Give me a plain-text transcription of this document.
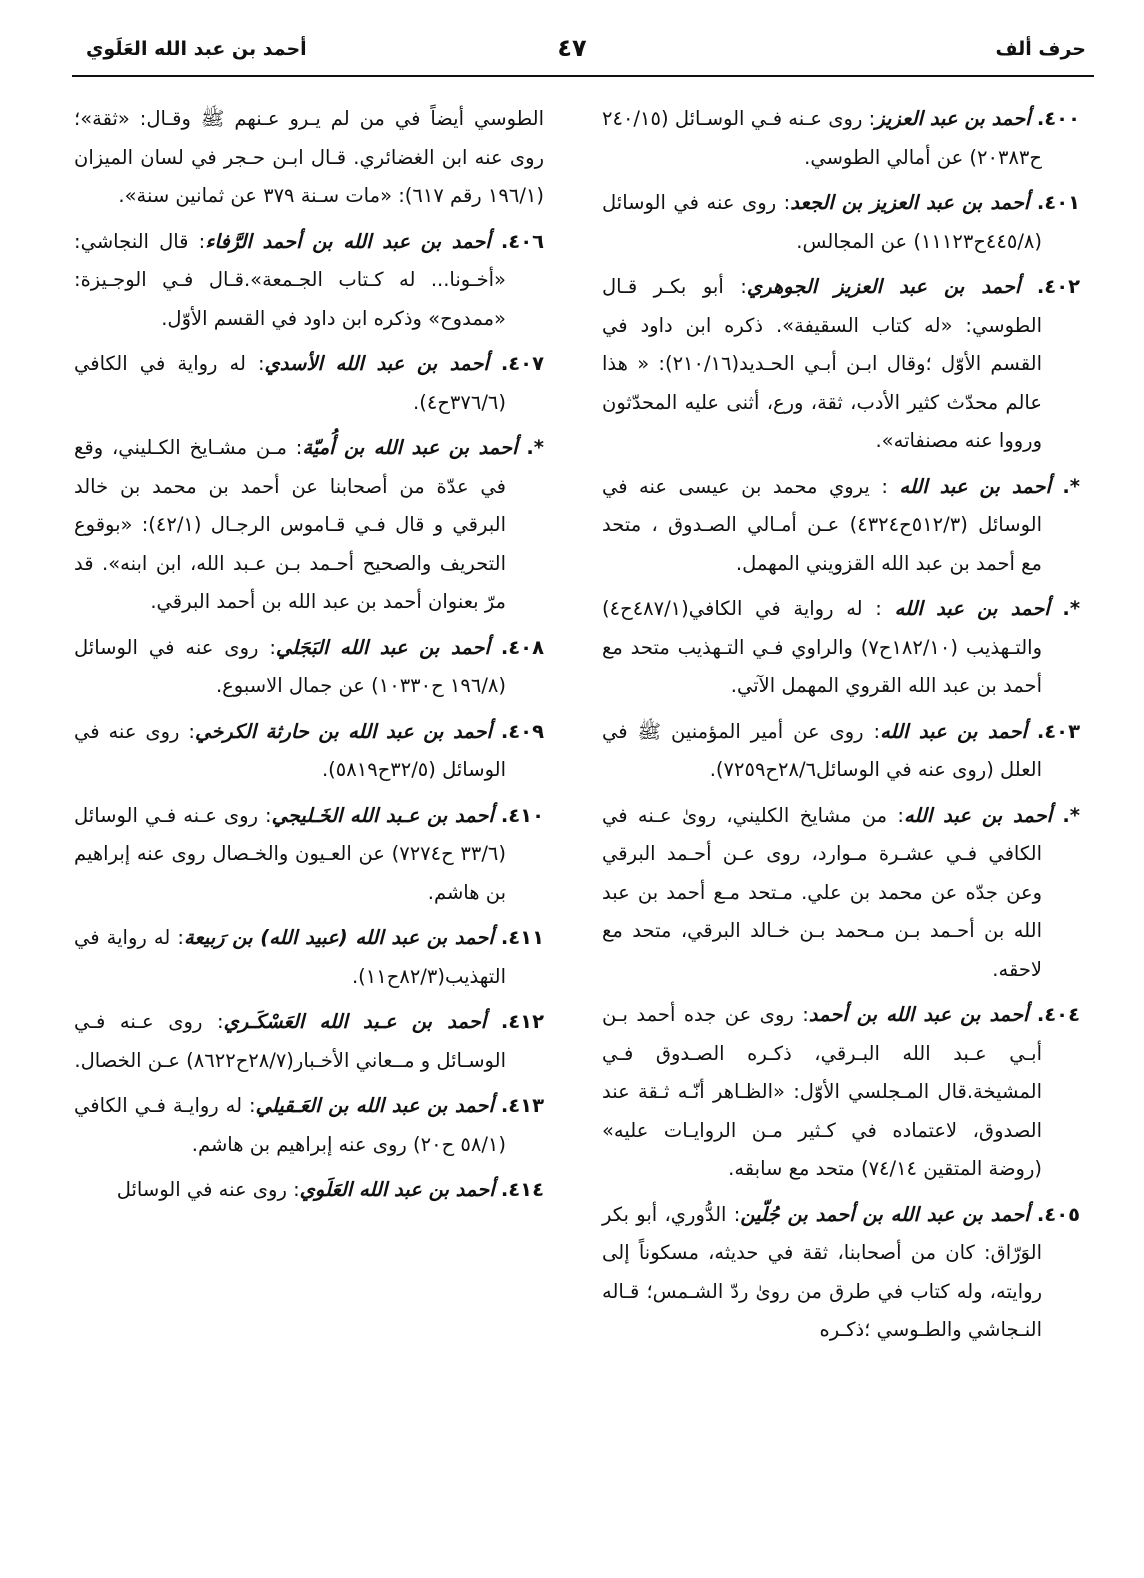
حرف ألف
٤٧
أحمد بن عبد الله العَلَوي

٤٠٠. أحمد بن عبد العزيز: روى عـنه فـي الوسـائل (٢٤٠/١٥ ح٢٠٣٨٣) عن أمالي الطوسي.

٤٠١. أحمد بن عبد العزيز بن الجعد: روى عنه في الوسائل (٤٤٥/٨ح١١١٢٣) عن المجالس.

٤٠٢. أحمد بن عبد العزيز الجوهري: أبو بكـر قـال الطوسي: «له كتاب السقيفة». ذكره ابن داود في القسم الأوّل ؛وقال ابـن أبـي الحـديد(٢١٠/١٦): « هذا عالم محدّث كثير الأدب، ثقة، ورع، أثنى عليه المحدّثون ورووا عنه مصنفاته».

*. أحمد بن عبد الله : يروي محمد بن عيسى عنه في الوسائل (٥١٢/٣ح٤٣٢٤) عـن أمـالي الصـدوق ، متحد مع أحمد بن عبد الله القزويني المهمل.

*. أحمد بن عبد الله : له رواية في الكافي(٤٨٧/١ح٤) والتـهذيب (١٨٢/١٠ح٧) والراوي فـي التـهذيب متحد مع أحمد بن عبد الله القروي المهمل الآتي.

٤٠٣. أحمد بن عبد الله: روى عن أمير المؤمنين ﷺ في العلل (روى عنه في الوسائل٢٨/٦ح٧٢٥٩).

*. أحمد بن عبد الله: من مشايخ الكليني، روىٰ عـنه في الكافي فـي عشـرة مـوارد، روى عـن أحـمد البرقي وعن جدّه عن محمد بن علي. مـتحد مـع أحمد بن عبد الله بن أحـمد بـن مـحمد بـن خـالد البرقي، متحد مع لاحقه.

٤٠٤. أحمد بن عبد الله بن أحمد: روى عن جده أحمد بـن أبـي عـبد الله البـرقي، ذكـره الصـدوق فـي المشيخة.قال المـجلسي الأوّل: «الظـاهر أنّـه ثـقة عند الصدوق، لاعتماده في كـثير مـن الروايـات عليه» (روضة المتقين ٧٤/١٤) متحد مع سابقه.

٤٠٥. أحمد بن عبد الله بن أحمد بن جُلّين: الدُّوري، أبو بكر الوَرّاق: كان من أصحابنا، ثقة في حديثه، مسكوناً إلى روايته، وله كتاب في طرق من روىٰ ردّ الشـمس؛ قـاله النـجاشي والطـوسي ؛ذكـره

الطوسي أيضاً في من لم يـرو عـنهم ﷺ وقـال: «ثقة»؛روى عنه ابن الغضائري. قـال ابـن حـجر في لسان الميزان (١٩٦/١ رقم ٦١٧): «مات سـنة ٣٧٩ عن ثمانين سنة».

٤٠٦. أحمد بن عبد الله بن أحمد الرَّفاء: قال النجاشي: «أخـونا... له كـتاب الجـمعة».قـال فـي الوجـيزة: «ممدوح» وذكره ابن داود في القسم الأوّل.

٤٠٧. أحمد بن عبد الله الأسدي: له رواية في الكافي (٣٧٦/٦ح٤).

*. أحمد بن عبد الله بن أُميّة: مـن مشـايخ الكـليني، وقع في عدّة من أصحابنا عن أحمد بن محمد بن خالد البرقي و قال فـي قـاموس الرجـال (٤٢/١): «بوقوع التحريف والصحيح أحـمد بـن عـبد الله، ابن ابنه». قد مرّ بعنوان أحمد بن عبد الله بن أحمد البرقي.

٤٠٨. أحمد بن عبد الله البَجَلي: روى عنه في الوسائل (١٩٦/٨ ح١٠٣٣٠) عن جمال الاسبوع.

٤٠٩. أحمد بن عبد الله بن حارثة الكرخي: روى عنه في الوسائل (٣٢/٥ح٥٨١٩).

٤١٠. أحمد بن عـبد الله الخَـليجي: روى عـنه فـي الوسائل (٣٣/٦ ح٧٢٧٤) عن العـيون والخـصال روى عنه إبراهيم بن هاشم.

٤١١. أحمد بن عبد الله (عبيد الله) بن رَبيعة: له رواية في التهذيب(٨٢/٣ح١١).

٤١٢. أحمد بن عـبد الله العَسْكَـري: روى عـنه فـي الوسـائل و مــعاني الأخـبار(٢٨/٧ح٨٦٢٢) عـن الخصال.

٤١٣. أحمد بن عبد الله بن العَـقيلي: له روايـة فـي الكافي (٥٨/١ ح٢٠) روى عنه إبراهيم بن هاشم.

٤١٤. أحمد بن عبد الله العَلَوي: روى عنه في الوسائل
